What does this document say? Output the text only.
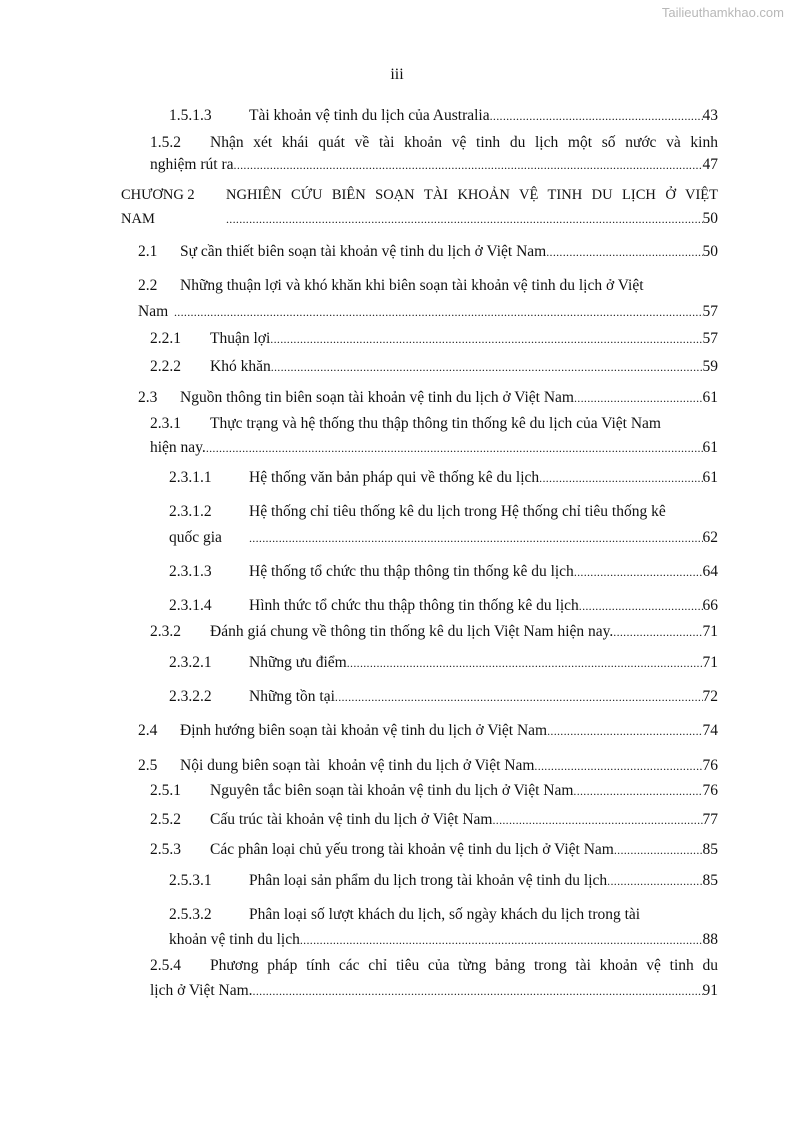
Tailieuthamkhao.com
iii
1.5.1.3	Tài khoản vệ tinh du lịch của Australia .....	43
1.5.2	Nhận xét khái quát về tài khoản vệ tinh du lịch một số nước và kinh
nghiệm rút ra .....	47
CHƯƠNG 2	NGHIÊN CỨU BIÊN SOẠN TÀI KHOẢN VỆ TINH DU LỊCH Ở VIỆT
NAM .....	50
2.1	Sự cần thiết biên soạn tài khoản vệ tinh du lịch ở Việt Nam .....	50
2.2	Những thuận lợi và khó khăn khi biên soạn tài khoản vệ tinh du lịch ở Việt
Nam .....	57
2.2.1	Thuận lợi .....	57
2.2.2	Khó khăn .....	59
2.3	Nguồn thông tin biên soạn tài khoản vệ tinh du lịch ở Việt Nam .....	61
2.3.1	Thực trạng và hệ thống thu thập thông tin thống kê du lịch của Việt Nam
hiện nay. .....	61
2.3.1.1	Hệ thống văn bản pháp qui về thống kê du lịch .....	61
2.3.1.2	Hệ thống chỉ tiêu thống kê du lịch trong Hệ thống chỉ tiêu thống kê
quốc gia .....	62
2.3.1.3	Hệ thống tổ chức thu thập thông tin thống kê du lịch .....	64
2.3.1.4	Hình thức tổ chức thu thập thông tin thống kê du lịch .....	66
2.3.2	Đánh giá chung về thông tin thống kê du lịch Việt Nam hiện nay. .....	71
2.3.2.1	Những ưu điểm .....	71
2.3.2.2	Những tồn tại .....	72
2.4	Định hướng biên soạn tài khoản vệ tinh du lịch ở Việt Nam .....	74
2.5	Nội dung biên soạn tài  khoản vệ tinh du lịch ở Việt Nam .....	76
2.5.1	Nguyên tắc biên soạn tài khoản vệ tinh du lịch ở Việt Nam .....	76
2.5.2	Cấu trúc tài khoản vệ tinh du lịch ở Việt Nam .....	77
2.5.3	Các phân loại chủ yếu trong tài khoản vệ tinh du lịch ở Việt Nam .....	85
2.5.3.1	Phân loại sản phẩm du lịch trong tài khoản vệ tinh du lịch .....	85
2.5.3.2	Phân loại số lượt khách du lịch, số ngày khách du lịch trong tài
khoản vệ tinh du lịch .....	88
2.5.4	Phương pháp tính các chỉ tiêu của từng bảng trong tài khoản vệ tinh du
lịch ở Việt Nam. .....	91
